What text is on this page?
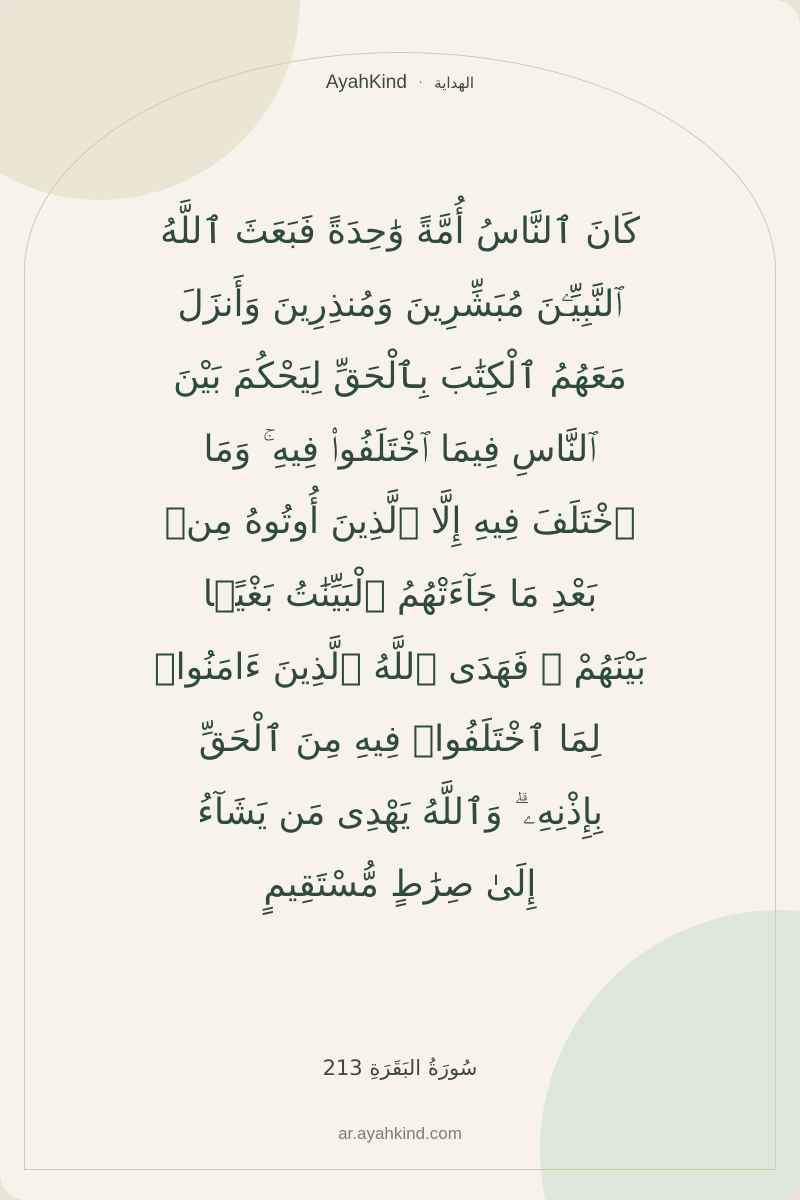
AyahKind · الهداية
كَانَ ٱلنَّاسُ أُمَّةً وَٰحِدَةً فَبَعَثَ ٱللَّهُ
ٱلنَّبِيِّـۧنَ مُبَشِّرِينَ وَمُنذِرِينَ وَأَنزَلَ
مَعَهُمُ ٱلْكِتَٰبَ بِٱلْحَقِّ لِيَحْكُمَ بَيْنَ
ٱلنَّاسِ فِيمَا ٱخْتَلَفُوا۟ فِيهِ ۚ وَمَا
ٱخْتَلَفَ فِيهِ إِلَّا ٱلَّذِينَ أُوتُوهُ مِنۢ
بَعْدِ مَا جَآءَتْهُمُ ٱلْبَيِّنَٰتُ بَغْيًۢا
بَيْنَهُمْ ۖ فَهَدَى ٱللَّهُ ٱلَّذِينَ ءَامَنُوا۟
لِمَا ٱخْتَلَفُوا۟ فِيهِ مِنَ ٱلْحَقِّ
بِإِذْنِهِۦ ۗ وَٱللَّهُ يَهْدِى مَن يَشَآءُ
إِلَىٰ صِرَٰطٍ مُّسْتَقِيمٍ
سُورَةُ البَقَرَةِ 213
ar.ayahkind.com
